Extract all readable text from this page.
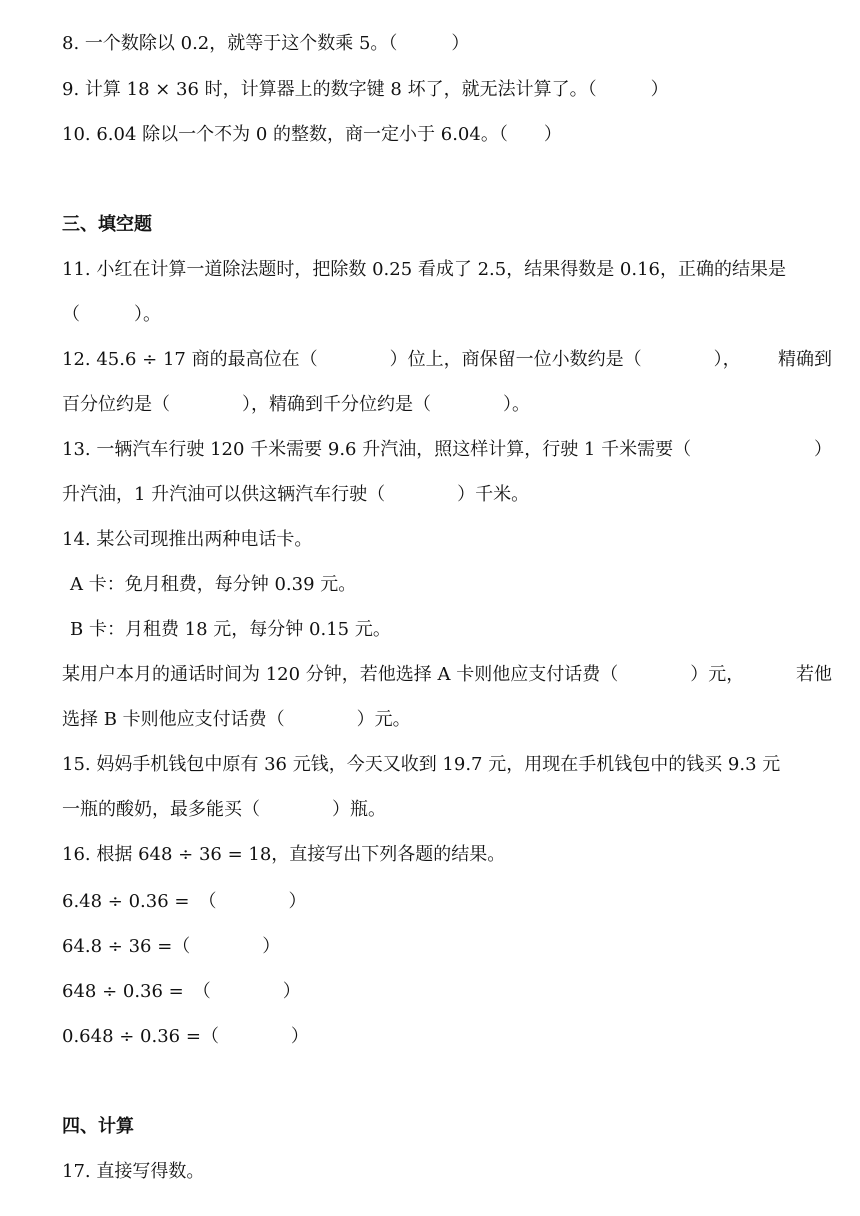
8. 一个数除以 0.2，就等于这个数乘 5。（　　　）
9. 计算 18 × 36 时，计算器上的数字键 8 坏了，就无法计算了。（　　　）
10. 6.04 除以一个不为 0 的整数，商一定小于 6.04。（　　）
三、填空题
11. 小红在计算一道除法题时，把除数 0.25 看成了 2.5，结果得数是 0.16，正确的结果是
（　　　）。
12. 45.6 ÷ 17 商的最高位在（　　　　）位上，商保留一位小数约是（　　　　）， 精确到
百分位约是（　　　　），精确到千分位约是（　　　　）。
13. 一辆汽车行驶 120 千米需要 9.6 升汽油，照这样计算，行驶 1 千米需要（	）
升汽油，1 升汽油可以供这辆汽车行驶（　　　　）千米。
14. 某公司现推出两种电话卡。
A 卡：免月租费，每分钟 0.39 元。
B 卡：月租费 18 元，每分钟 0.15 元。
某用户本月的通话时间为 120 分钟，若他选择 A 卡则他应支付话费（　　　　）元，	若他
选择 B 卡则他应支付话费（　　　　）元。
15. 妈妈手机钱包中原有 36 元钱，今天又收到 19.7 元，用现在手机钱包中的钱买 9.3 元
一瓶的酸奶，最多能买（　　　　）瓶。
16. 根据 648 ÷ 36 = 18，直接写出下列各题的结果。
6.48 ÷ 0.36 =　（　　　　）
64.8 ÷ 36 =（　　　　）
648 ÷ 0.36 =　（　　　　）
0.648 ÷ 0.36 =（　　　　）
四、计算
17. 直接写得数。
